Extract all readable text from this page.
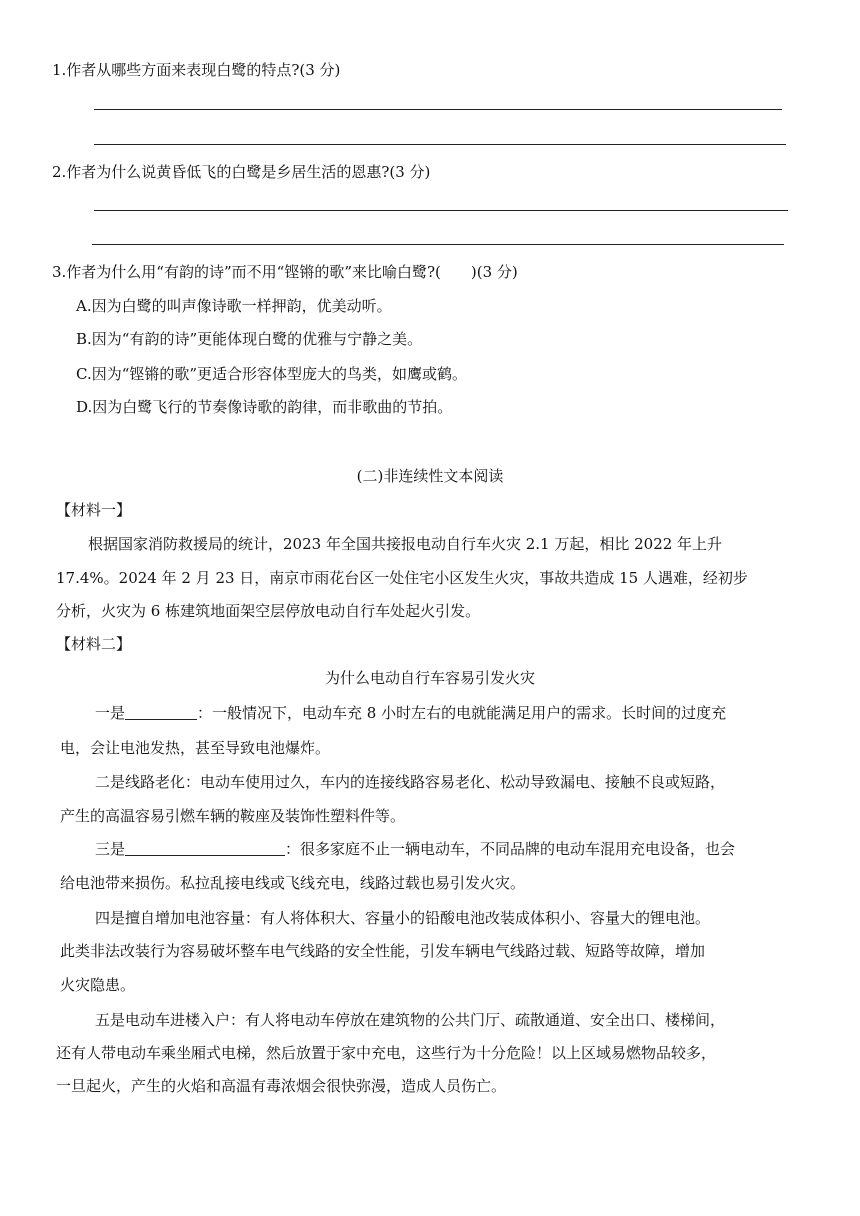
1.作者从哪些方面来表现白鹭的特点?(3 分)
2.作者为什么说黄昏低飞的白鹭是乡居生活的恩惠?(3 分)
3.作者为什么用“有韵的诗”而不用“铿锵的歌”来比喻白鹭?(　　)(3 分)
A.因为白鹭的叫声像诗歌一样押韵，优美动听。
B.因为“有韵的诗”更能体现白鹭的优雅与宁静之美。
C.因为“铿锵的歌”更适合形容体型庞大的鸟类，如鹰或鹤。
D.因为白鹭飞行的节奏像诗歌的韵律，而非歌曲的节拍。
(二)非连续性文本阅读
【材料一】
根据国家消防救援局的统计，2023 年全国共接报电动自行车火灾 2.1 万起，相比 2022 年上升
17.4%。2024 年 2 月 23 日，南京市雨花台区一处住宅小区发生火灾，事故共造成 15 人遇难，经初步
分析，火灾为 6 栋建筑地面架空层停放电动自行车处起火引发。
【材料二】
为什么电动自行车容易引发火灾
一是	：一般情况下，电动车充 8 小时左右的电就能满足用户的需求。长时间的过度充
电，会让电池发热，甚至导致电池爆炸。
二是线路老化：电动车使用过久，车内的连接线路容易老化、松动导致漏电、接触不良或短路，
产生的高温容易引燃车辆的鞍座及装饰性塑料件等。
三是	：很多家庭不止一辆电动车，不同品牌的电动车混用充电设备，也会
给电池带来损伤。私拉乱接电线或飞线充电，线路过载也易引发火灾。
四是擅自增加电池容量：有人将体积大、容量小的铅酸电池改装成体积小、容量大的锂电池。
此类非法改装行为容易破坏整车电气线路的安全性能，引发车辆电气线路过载、短路等故障，增加
火灾隐患。
五是电动车进楼入户：有人将电动车停放在建筑物的公共门厅、疏散通道、安全出口、楼梯间，
还有人带电动车乘坐厢式电梯，然后放置于家中充电，这些行为十分危险！以上区域易燃物品较多，
一旦起火，产生的火焰和高温有毒浓烟会很快弥漫，造成人员伤亡。
